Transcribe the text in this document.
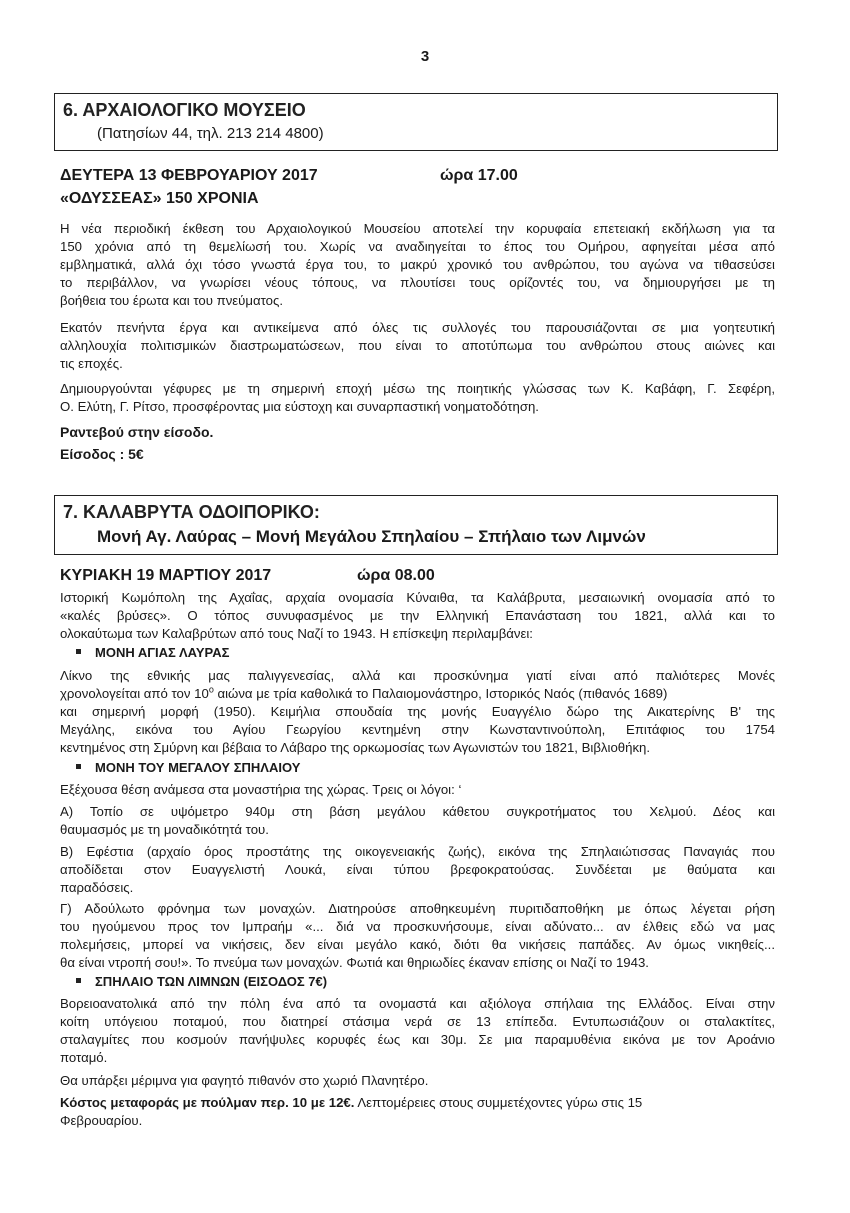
3
6. ΑΡΧΑΙΟΛΟΓΙΚΟ ΜΟΥΣΕΙΟ
(Πατησίων 44, τηλ. 213 214 4800)
ΔΕΥΤΕΡΑ 13 ΦΕΒΡΟΥΑΡΙΟΥ 2017	ώρα 17.00
«ΟΔΥΣΣΕΑΣ» 150 ΧΡΟΝΙΑ
Η νέα περιοδική έκθεση του Αρχαιολογικού Μουσείου αποτελεί την κορυφαία επετειακή εκδήλωση για τα
150 χρόνια από τη θεμελίωσή του. Χωρίς να αναδιηγείται το έπος του Ομήρου, αφηγείται μέσα από
εμβληματικά, αλλά όχι τόσο γνωστά έργα του, το μακρύ χρονικό του ανθρώπου, του αγώνα να τιθασεύσει
το περιβάλλον, να γνωρίσει νέους τόπους, να πλουτίσει τους ορίζοντές του, να δημιουργήσει με τη
βοήθεια του έρωτα και του πνεύματος.
Εκατόν πενήντα έργα και αντικείμενα από όλες τις συλλογές του παρουσιάζονται σε μια γοητευτική
αλληλουχία πολιτισμικών διαστρωματώσεων, που είναι το αποτύπωμα του ανθρώπου στους αιώνες και
τις εποχές.
Δημιουργούνται γέφυρες με τη σημερινή εποχή μέσω της ποιητικής γλώσσας των Κ. Καβάφη, Γ. Σεφέρη,
Ο. Ελύτη, Γ. Ρίτσο, προσφέροντας μια εύστοχη και συναρπαστική νοηματοδότηση.
Ραντεβού στην είσοδο.
Είσοδος : 5€
7. ΚΑΛΑΒΡΥΤΑ ΟΔΟΙΠΟΡΙΚΟ:
Μονή Αγ. Λαύρας – Μονή Μεγάλου Σπηλαίου – Σπήλαιο των Λιμνών
ΚΥΡΙΑΚΗ 19 ΜΑΡΤΙΟΥ 2017	ώρα 08.00
Ιστορική Κωμόπολη της Αχαΐας, αρχαία ονομασία Κύναιθα, τα Καλάβρυτα, μεσαιωνική ονομασία από το
«καλές βρύσες». Ο τόπος συνυφασμένος με την Ελληνική Επανάσταση του 1821, αλλά και το
ολοκαύτωμα των Καλαβρύτων από τους Ναζί το 1943. Η επίσκεψη περιλαμβάνει:
ΜΟΝΗ ΑΓΙΑΣ ΛΑΥΡΑΣ
Λίκνο της εθνικής μας παλιγγενεσίας, αλλά και προσκύνημα γιατί είναι από παλιότερες Μονές
χρονολογείται από τον $10^o$ αιώνα με τρία καθολικά το Παλαιομονάστηρο, Ιστορικός Ναός (πιθανός 1689)
και σημερινή μορφή (1950). Κειμήλια σπουδαία της μονής Ευαγγέλιο δώρο της Αικατερίνης Β' της
Μεγάλης, εικόνα του Αγίου Γεωργίου κεντημένη στην Κωνσταντινούπολη, Επιτάφιος του 1754
κεντημένος στη Σμύρνη και βέβαια το Λάβαρο της ορκωμοσίας των Αγωνιστών του 1821, Βιβλιοθήκη.
ΜΟΝΗ ΤΟΥ ΜΕΓΑΛΟΥ ΣΠΗΛΑΙΟΥ
Εξέχουσα θέση ανάμεσα στα μοναστήρια της χώρας. Τρεις οι λόγοι: ‘
Α) Τοπίο σε υψόμετρο 940μ στη βάση μεγάλου κάθετου συγκροτήματος του Χελμού. Δέος και
θαυμασμός με τη μοναδικότητά του.
Β) Εφέστια (αρχαίο όρος προστάτης της οικογενειακής ζωής), εικόνα της Σπηλαιώτισσας Παναγιάς που
αποδίδεται στον Ευαγγελιστή Λουκά, είναι τύπου βρεφοκρατούσας. Συνδέεται με θαύματα και
παραδόσεις.
Γ) Αδούλωτο φρόνημα των μοναχών. Διατηρούσε αποθηκευμένη πυριτιδαποθήκη με όπως λέγεται ρήση
του ηγούμενου προς τον Ιμπραήμ «... διά να προσκυνήσουμε, είναι αδύνατο... αν έλθεις εδώ να μας
πολεμήσεις, μπορεί να νικήσεις, δεν είναι μεγάλο κακό, διότι θα νικήσεις παπάδες. Αν όμως νικηθείς...
θα είναι ντροπή σου!». Το πνεύμα των μοναχών. Φωτιά και θηριωδίες έκαναν επίσης οι Ναζί το 1943.
ΣΠΗΛΑΙΟ ΤΩΝ ΛΙΜΝΩΝ (ΕΙΣΟΔΟΣ 7€)
Βορειοανατολικά από την πόλη ένα από τα ονομαστά και αξιόλογα σπήλαια της Ελλάδος. Είναι στην
κοίτη υπόγειου ποταμού, που διατηρεί στάσιμα νερά σε 13 επίπεδα. Εντυπωσιάζουν οι σταλακτίτες,
σταλαγμίτες που κοσμούν πανήψυλες κορυφές έως και 30μ. Σε μια παραμυθένια εικόνα με τον Αροάνιο
ποταμό.
Θα υπάρξει μέριμνα για φαγητό πιθανόν στο χωριό Πλανητέρο.
Κόστος μεταφοράς με πούλμαν περ. 10 με 12€. Λεπτομέρειες στους συμμετέχοντες γύρω στις 15
Φεβρουαρίου.
